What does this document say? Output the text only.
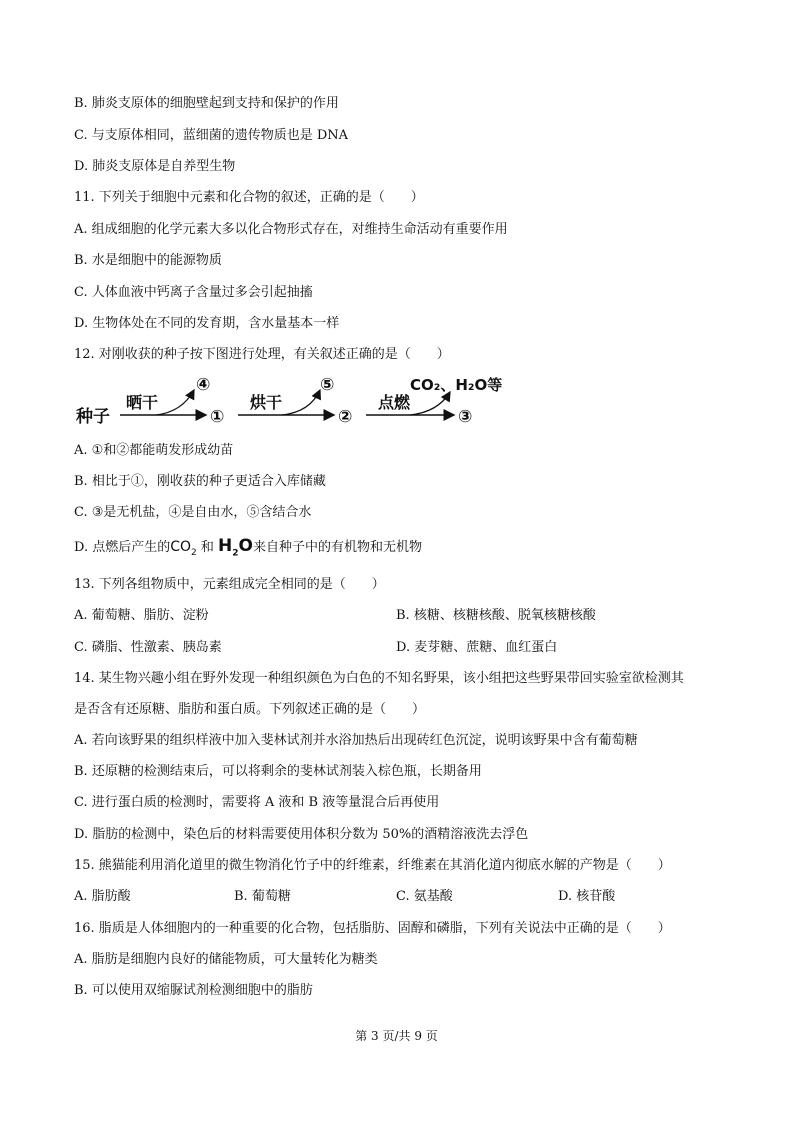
B. 肺炎支原体的细胞壁起到支持和保护的作用
C. 与支原体相同，蓝细菌的遗传物质也是 DNA
D. 肺炎支原体是自养型生物
11. 下列关于细胞中元素和化合物的叙述，正确的是（　　）
A. 组成细胞的化学元素大多以化合物形式存在，对维持生命活动有重要作用
B. 水是细胞中的能源物质
C. 人体血液中钙离子含量过多会引起抽搐
D. 生物体处在不同的发育期，含水量基本一样
12. 对刚收获的种子按下图进行处理，有关叙述正确的是（　　）
种子
晒干
④
①
烘干
⑤
②
点燃
CO₂、H₂O等
③
A. ①和②都能萌发形成幼苗
B. 相比于①，刚收获的种子更适合入库储藏
C. ③是无机盐，④是自由水，⑤含结合水
D. 点燃后产生的$CO_2$ 和 $H_2O$来自种子中的有机物和无机物
13. 下列各组物质中，元素组成完全相同的是（　　）
A. 葡萄糖、脂肪、淀粉	B. 核糖、核糖核酸、脱氧核糖核酸
C. 磷脂、性激素、胰岛素	D. 麦芽糖、蔗糖、血红蛋白
14. 某生物兴趣小组在野外发现一种组织颜色为白色的不知名野果，该小组把这些野果带回实验室欲检测其
是否含有还原糖、脂肪和蛋白质。下列叙述正确的是（　　）
A. 若向该野果的组织样液中加入斐林试剂并水浴加热后出现砖红色沉淀，说明该野果中含有葡萄糖
B. 还原糖的检测结束后，可以将剩余的斐林试剂装入棕色瓶，长期备用
C. 进行蛋白质的检测时，需要将 A 液和 B 液等量混合后再使用
D. 脂肪的检测中，染色后的材料需要使用体积分数为 50%的酒精溶液洗去浮色
15. 熊猫能利用消化道里的微生物消化竹子中的纤维素，纤维素在其消化道内彻底水解的产物是（　　）
A. 脂肪酸	B. 葡萄糖	C. 氨基酸	D. 核苷酸
16. 脂质是人体细胞内的一种重要的化合物，包括脂肪、固醇和磷脂，下列有关说法中正确的是（　　）
A. 脂肪是细胞内良好的储能物质，可大量转化为糖类
B. 可以使用双缩脲试剂检测细胞中的脂肪
第 3 页/共 9 页
